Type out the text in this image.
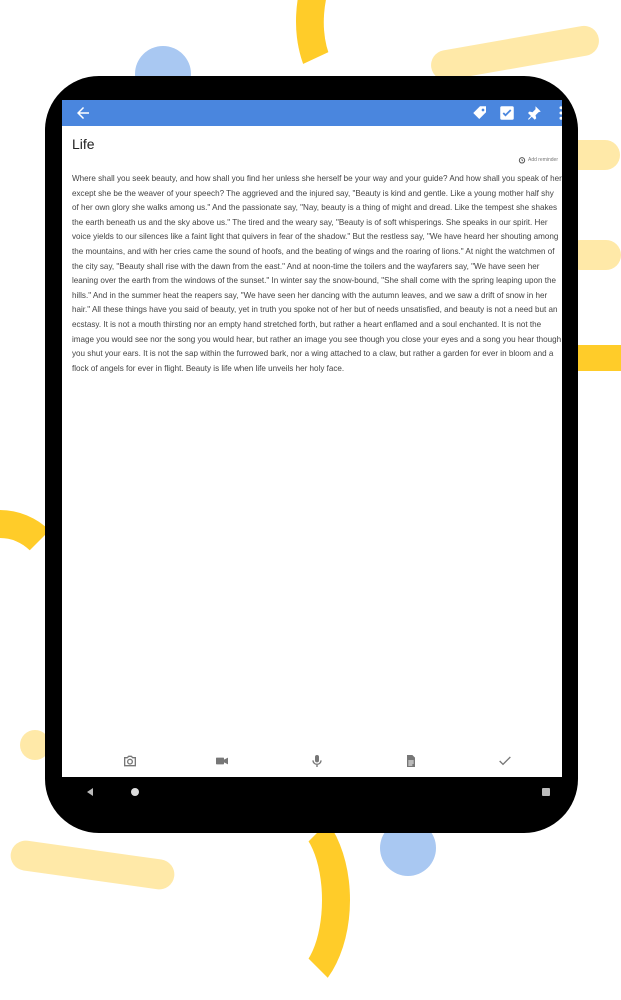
Life
Add reminder

Where shall you seek beauty, and how shall you find her unless she herself be your way and your guide? And how shall you speak of her except she be the weaver of your speech? The aggrieved and the injured say, "Beauty is kind and gentle. Like a young mother half shy of her own glory she walks among us." And the passionate say, "Nay, beauty is a thing of might and dread. Like the tempest she shakes the earth beneath us and the sky above us." The tired and the weary say, "Beauty is of soft whisperings. She speaks in our spirit. Her voice yields to our silences like a faint light that quivers in fear of the shadow." But the restless say, "We have heard her shouting among the mountains, and with her cries came the sound of hoofs, and the beating of wings and the roaring of lions." At night the watchmen of the city say, "Beauty shall rise with the dawn from the east." And at noon-time the toilers and the wayfarers say, "We have seen her leaning over the earth from the windows of the sunset." In winter say the snow-bound, "She shall come with the spring leaping upon the hills." And in the summer heat the reapers say, "We have seen her dancing with the autumn leaves, and we saw a drift of snow in her hair." All these things have you said of beauty, yet in truth you spoke not of her but of needs unsatisfied, and beauty is not a need but an ecstasy. It is not a mouth thirsting nor an empty hand stretched forth, but rather a heart enflamed and a soul enchanted. It is not the image you would see nor the song you would hear, but rather an image you see though you close your eyes and a song you hear though you shut your ears. It is not the sap within the furrowed bark, nor a wing attached to a claw, but rather a garden for ever in bloom and a flock of angels for ever in flight. Beauty is life when life unveils her holy face.
